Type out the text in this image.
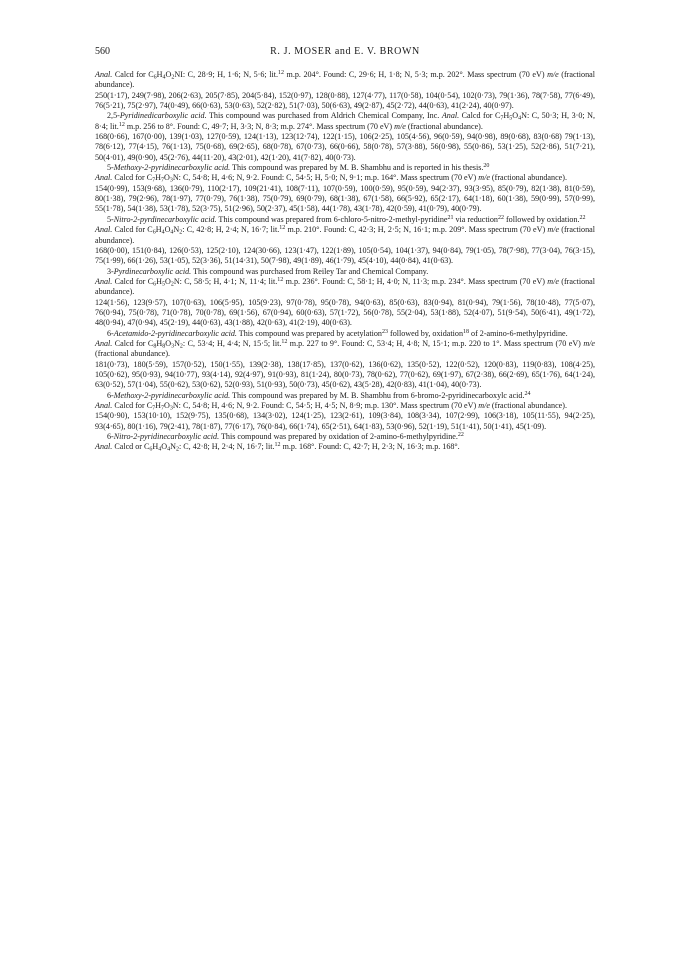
560	R. J. MOSER and E. V. BROWN

Anal. Calcd for $C_6H_4O_2NI$: C, 28·9; H, 1·6; N, 5·6; lit.$^{12}$ m.p. 204°. Found: C, 29·6; H, 1·8; N, 5·3; m.p. 202°. Mass spectrum (70 eV) m/e (fractional abundance).

250(1·17), 249(7·98), 206(2·63), 205(7·85), 204(5·84), 152(0·97), 128(0·88), 127(4·77), 117(0·58), 104(0·54), 102(0·73), 79(1·36), 78(7·58), 77(6·49), 76(5·21), 75(2·97), 74(0·49), 66(0·63), 53(0·63), 52(2·82), 51(7·03), 50(6·63), 49(2·87), 45(2·72), 44(0·63), 41(2·24), 40(0·97).

2,5-Pyridinedicarboxylic acid. This compound was purchased from Aldrich Chemical Company, Inc. Anal. Calcd for $C_7H_5O_4N$: C, 50·3; H, 3·0; N, 8·4; lit.$^{12}$ m.p. 256 to 8°. Found: C, 49·7; H, 3·3; N, 8·3; m.p. 274°. Mass spectrum (70 eV) m/e (fractional abundance).

168(0·66), 167(0·00), 139(1·03), 127(0·59), 124(1·13), 123(12·74), 122(1·15), 106(2·25), 105(4·56), 96(0·59), 94(0·98), 89(0·68), 83(0·68) 79(1·13), 78(6·12), 77(4·15), 76(1·13), 75(0·68), 69(2·65), 68(0·78), 67(0·73), 66(0·66), 58(0·78), 57(3·88), 56(0·98), 55(0·86), 53(1·25), 52(2·86), 51(7·21), 50(4·01), 49(0·90), 45(2·76), 44(11·20), 43(2·01), 42(1·20), 41(7·82), 40(0·73).

5-Methoxy-2-pyridinecarboxylic acid. This compound was prepared by M. B. Shambhu and is reported in his thesis.$^{20}$

Anal. Calcd for $C_7H_7O_3N$: C, 54·8; H, 4·6; N, 9·2. Found: C, 54·5; H, 5·0; N, 9·1; m.p. 164°. Mass spectrum (70 eV) m/e (fractional abundance).

154(0·99), 153(9·68), 136(0·79), 110(2·17), 109(21·41), 108(7·11), 107(0·59), 100(0·59), 95(0·59), 94(2·37), 93(3·95), 85(0·79), 82(1·38), 81(0·59), 80(1·38), 79(2·96), 78(1·97), 77(0·79), 76(1·38), 75(0·79), 69(0·79), 68(1·38), 67(1·58), 66(5·92), 65(2·17), 64(1·18), 60(1·38), 59(0·99), 57(0·99), 55(1·78), 54(1·38), 53(1·78), 52(3·75), 51(2·96), 50(2·37), 45(1·58), 44(1·78), 43(1·78), 42(0·59), 41(0·79), 40(0·79).

5-Nitro-2-pyrdinecarboxylic acid. This compound was prepared from 6-chloro-5-nitro-2-methyl-pyridine$^{21}$ via reduction$^{22}$ followed by oxidation.$^{22}$

Anal. Calcd for $C_6H_4O_4N_2$: C, 42·8; H, 2·4; N, 16·7; lit.$^{12}$ m.p. 210°. Found: C, 42·3; H, 2·5; N, 16·1; m.p. 209°. Mass spectrum (70 eV) m/e (fractional abundance).

168(0·00), 151(0·84), 126(0·53), 125(2·10), 124(30·66), 123(1·47), 122(1·89), 105(0·54), 104(1·37), 94(0·84), 79(1·05), 78(7·98), 77(3·04), 76(3·15), 75(1·99), 66(1·26), 53(1·05), 52(3·36), 51(14·31), 50(7·98), 49(1·89), 46(1·79), 45(4·10), 44(0·84), 41(0·63).

3-Pyrdinecarboxylic acid. This compound was purchased from Reiley Tar and Chemical Company.

Anal. Calcd for $C_6H_5O_2N$: C, 58·5; H, 4·1; N, 11·4; lit.$^{12}$ m.p. 236°. Found: C, 58·1; H, 4·0; N, 11·3; m.p. 234°. Mass spectrum (70 eV) m/e (fractional abundance).

124(1·56), 123(9·57), 107(0·63), 106(5·95), 105(9·23), 97(0·78), 95(0·78), 94(0·63), 85(0·63), 83(0·94), 81(0·94), 79(1·56), 78(10·48), 77(5·07), 76(0·94), 75(0·78), 71(0·78), 70(0·78), 69(1·56), 67(0·94), 60(0·63), 57(1·72), 56(0·78), 55(2·04), 53(1·88), 52(4·07), 51(9·54), 50(6·41), 49(1·72), 48(0·94), 47(0·94), 45(2·19), 44(0·63), 43(1·88), 42(0·63), 41(2·19), 40(0·63).

6-Acetamido-2-pyridinecarboxylic acid. This compound was prepared by acetylation$^{23}$ followed by, oxidation$^{18}$ of 2-amino-6-methylpyridine.

Anal. Calcd for $C_8H_8O_3N_2$: C, 53·4; H, 4·4; N, 15·5; lit.$^{12}$ m.p. 227 to 9°. Found: C, 53·4; H, 4·8; N, 15·1; m.p. 220 to 1°. Mass spectrum (70 eV) m/e (fractional abundance).

181(0·73), 180(5·59), 157(0·52), 150(1·55), 139(2·38), 138(17·85), 137(0·62), 136(0·62), 135(0·52), 122(0·52), 120(0·83), 119(0·83), 108(4·25), 105(0·62), 95(0·93), 94(10·77), 93(4·14), 92(4·97), 91(0·93), 81(1·24), 80(0·73), 78(0·62), 77(0·62), 69(1·97), 67(2·38), 66(2·69), 65(1·76), 64(1·24), 63(0·52), 57(1·04), 55(0·62), 53(0·62), 52(0·93), 51(0·93), 50(0·73), 45(0·62), 43(5·28), 42(0·83), 41(1·04), 40(0·73).

6-Methoxy-2-pyridinecarboxylic acid. This compound was prepared by M. B. Shambhu from 6-bromo-2-pyridinecarboxylc acid.$^{24}$

Anal. Calcd for $C_7H_7O_3N$: C, 54·8; H, 4·6; N, 9·2. Found: C, 54·5; H, 4·5; N, 8·9; m.p. 130°. Mass spectrum (70 eV) m/e (fractional abundance).

154(0·90), 153(10·10), 152(9·75), 135(0·68), 134(3·02), 124(1·25), 123(2·61), 109(3·84), 108(3·34), 107(2·99), 106(3·18), 105(11·55), 94(2·25), 93(4·65), 80(1·16), 79(2·41), 78(1·87), 77(6·17), 76(0·84), 66(1·74), 65(2·51), 64(1·83), 53(0·96), 52(1·19), 51(1·41), 50(1·41), 45(1·09).

6-Nitro-2-pyridinecarboxylic acid. This compound was prepared by oxidation of 2-amino-6-methylpyridine.$^{22}$

Anal. Calcd or $C_6H_4O_4N_2$: C, 42·8; H, 2·4; N, 16·7; lit.$^{12}$ m.p. 168°. Found: C, 42·7; H, 2·3; N, 16·3; m.p. 168°.
